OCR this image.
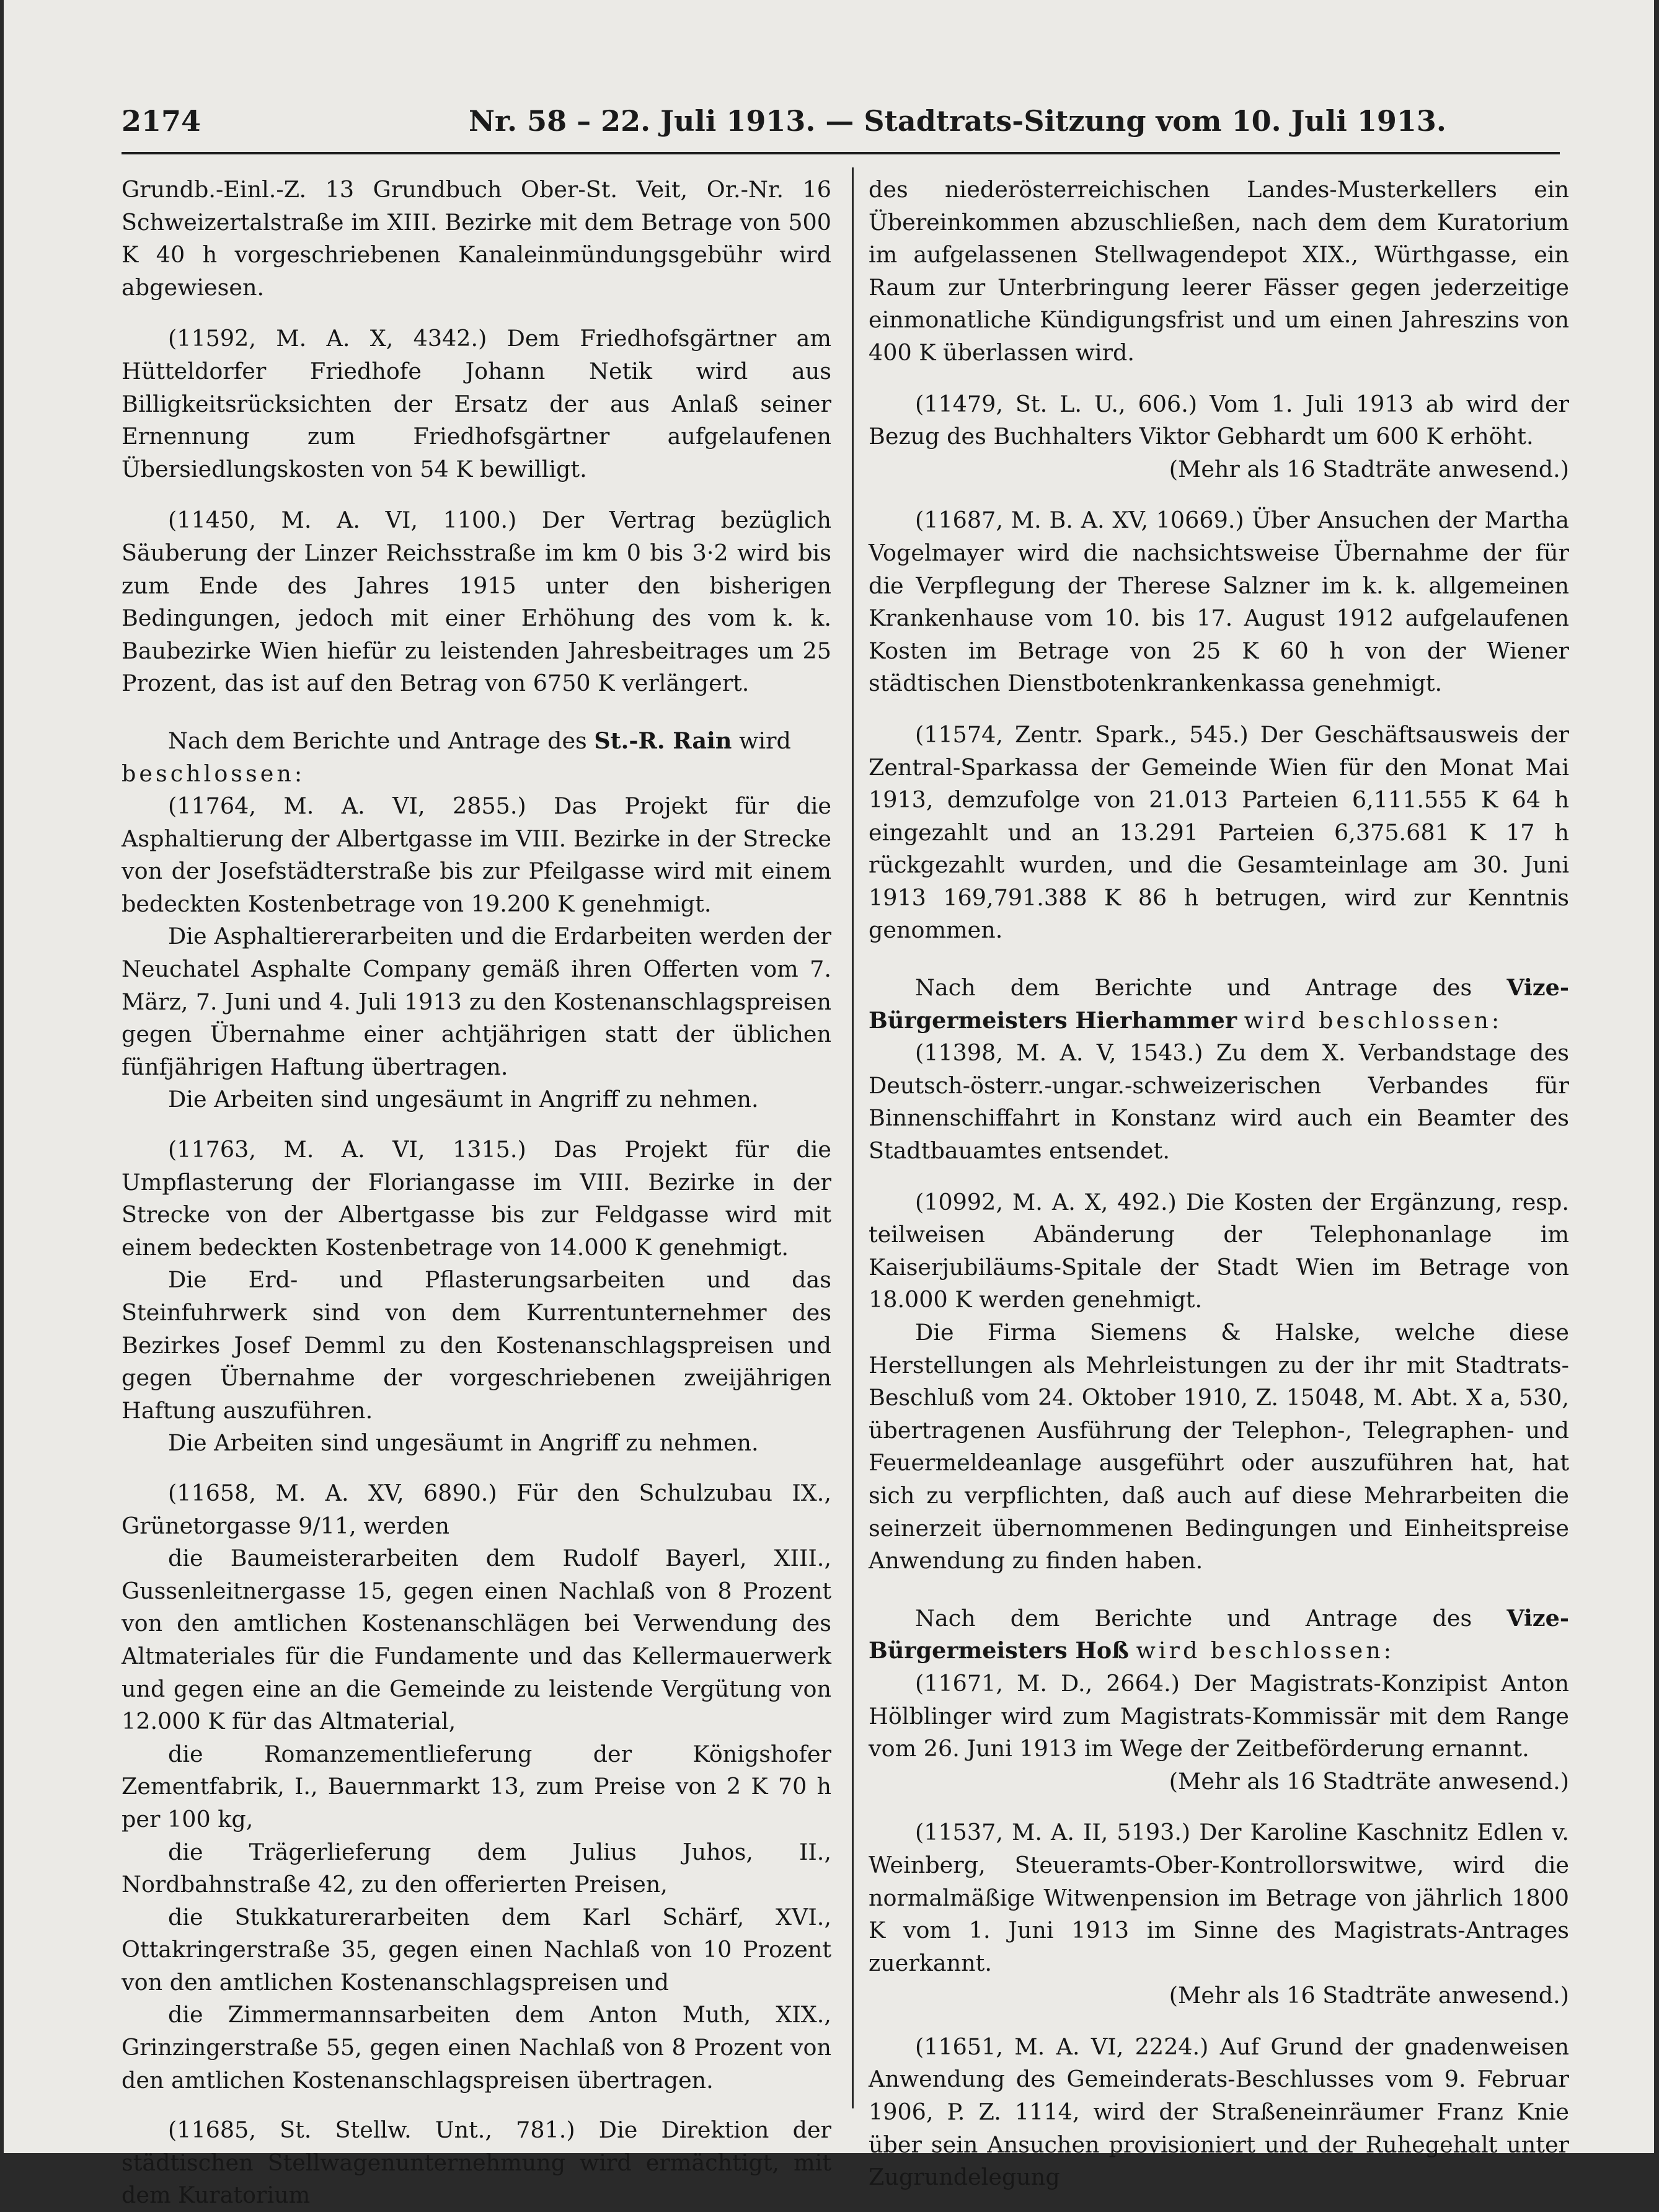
2174	Nr. 58 – 22. Juli 1913. — Stadtrats-Sitzung vom 10. Juli 1913.

Grundb.-Einl.-Z. 13 Grundbuch Ober-St. Veit, Or.-Nr. 16 Schweizertalstraße im XIII. Bezirke mit dem Betrage von 500 K 40 h vorgeschriebenen Kanaleinmündungsgebühr wird abgewiesen.

(11592, M. A. X, 4342.) Dem Friedhofsgärtner am Hütteldorfer Friedhofe Johann Netik wird aus Billigkeitsrücksichten der Ersatz der aus Anlaß seiner Ernennung zum Friedhofsgärtner aufgelaufenen Übersiedlungskosten von 54 K bewilligt.

(11450, M. A. VI, 1100.) Der Vertrag bezüglich Säuberung der Linzer Reichsstraße im km 0 bis 3·2 wird bis zum Ende des Jahres 1915 unter den bisherigen Bedingungen, jedoch mit einer Erhöhung des vom k. k. Baubezirke Wien hiefür zu leistenden Jahresbeitrages um 25 Prozent, das ist auf den Betrag von 6750 K verlängert.

Nach dem Berichte und Antrage des St.-R. Rain wird

beschlossen:

(11764, M. A. VI, 2855.) Das Projekt für die Asphaltierung der Albertgasse im VIII. Bezirke in der Strecke von der Josefstädterstraße bis zur Pfeilgasse wird mit einem bedeckten Kostenbetrage von 19.200 K genehmigt.

Die Asphaltiererarbeiten und die Erdarbeiten werden der Neuchatel Asphalte Company gemäß ihren Offerten vom 7. März, 7. Juni und 4. Juli 1913 zu den Kostenanschlagspreisen gegen Übernahme einer achtjährigen statt der üblichen fünfjährigen Haftung übertragen.

Die Arbeiten sind ungesäumt in Angriff zu nehmen.

(11763, M. A. VI, 1315.) Das Projekt für die Umpflasterung der Floriangasse im VIII. Bezirke in der Strecke von der Albertgasse bis zur Feldgasse wird mit einem bedeckten Kostenbetrage von 14.000 K genehmigt.

Die Erd- und Pflasterungsarbeiten und das Steinfuhrwerk sind von dem Kurrentunternehmer des Bezirkes Josef Demml zu den Kostenanschlagspreisen und gegen Übernahme der vorgeschriebenen zweijährigen Haftung auszuführen.

Die Arbeiten sind ungesäumt in Angriff zu nehmen.

(11658, M. A. XV, 6890.) Für den Schulzubau IX., Grünetorgasse 9/11, werden

die Baumeisterarbeiten dem Rudolf Bayerl, XIII., Gussenleitnergasse 15, gegen einen Nachlaß von 8 Prozent von den amtlichen Kostenanschlägen bei Verwendung des Altmateriales für die Fundamente und das Kellermauerwerk und gegen eine an die Gemeinde zu leistende Vergütung von 12.000 K für das Altmaterial,

die Romanzementlieferung der Königshofer Zementfabrik, I., Bauernmarkt 13, zum Preise von 2 K 70 h per 100 kg,

die Trägerlieferung dem Julius Juhos, II., Nordbahnstraße 42, zu den offerierten Preisen,

die Stukkaturerarbeiten dem Karl Schärf, XVI., Ottakringerstraße 35, gegen einen Nachlaß von 10 Prozent von den amtlichen Kostenanschlagspreisen und

die Zimmermannsarbeiten dem Anton Muth, XIX., Grinzingerstraße 55, gegen einen Nachlaß von 8 Prozent von den amtlichen Kostenanschlagspreisen übertragen.

(11685, St. Stellw. Unt., 781.) Die Direktion der städtischen Stellwagenunternehmung wird ermächtigt, mit dem Kuratorium

des niederösterreichischen Landes-Musterkellers ein Übereinkommen abzuschließen, nach dem dem Kuratorium im aufgelassenen Stellwagendepot XIX., Würthgasse, ein Raum zur Unterbringung leerer Fässer gegen jederzeitige einmonatliche Kündigungsfrist und um einen Jahreszins von 400 K überlassen wird.

(11479, St. L. U., 606.) Vom 1. Juli 1913 ab wird der Bezug des Buchhalters Viktor Gebhardt um 600 K erhöht.

(Mehr als 16 Stadträte anwesend.)

(11687, M. B. A. XV, 10669.) Über Ansuchen der Martha Vogelmayer wird die nachsichtsweise Übernahme der für die Verpflegung der Therese Salzner im k. k. allgemeinen Krankenhause vom 10. bis 17. August 1912 aufgelaufenen Kosten im Betrage von 25 K 60 h von der Wiener städtischen Dienstbotenkrankenkassa genehmigt.

(11574, Zentr. Spark., 545.) Der Geschäftsausweis der Zentral-Sparkassa der Gemeinde Wien für den Monat Mai 1913, demzufolge von 21.013 Parteien 6,111.555 K 64 h eingezahlt und an 13.291 Parteien 6,375.681 K 17 h rückgezahlt wurden, und die Gesamteinlage am 30. Juni 1913 169,791.388 K 86 h betrugen, wird zur Kenntnis genommen.

Nach dem Berichte und Antrage des Vize-Bürgermeisters Hierhammer wird beschlossen:

(11398, M. A. V, 1543.) Zu dem X. Verbandstage des Deutsch-österr.-ungar.-schweizerischen Verbandes für Binnenschiffahrt in Konstanz wird auch ein Beamter des Stadtbauamtes entsendet.

(10992, M. A. X, 492.) Die Kosten der Ergänzung, resp. teilweisen Abänderung der Telephonanlage im Kaiserjubiläums-Spitale der Stadt Wien im Betrage von 18.000 K werden genehmigt.

Die Firma Siemens & Halske, welche diese Herstellungen als Mehrleistungen zu der ihr mit Stadtrats-Beschluß vom 24. Oktober 1910, Z. 15048, M. Abt. X a, 530, übertragenen Ausführung der Telephon-, Telegraphen- und Feuermeldeanlage ausgeführt oder auszuführen hat, hat sich zu verpflichten, daß auch auf diese Mehrarbeiten die seinerzeit übernommenen Bedingungen und Einheitspreise Anwendung zu finden haben.

Nach dem Berichte und Antrage des Vize-Bürgermeisters Hoß wird beschlossen:

(11671, M. D., 2664.) Der Magistrats-Konzipist Anton Hölblinger wird zum Magistrats-Kommissär mit dem Range vom 26. Juni 1913 im Wege der Zeitbeförderung ernannt.

(Mehr als 16 Stadträte anwesend.)

(11537, M. A. II, 5193.) Der Karoline Kaschnitz Edlen v. Weinberg, Steueramts-Ober-Kontrollorswitwe, wird die normalmäßige Witwenpension im Betrage von jährlich 1800 K vom 1. Juni 1913 im Sinne des Magistrats-Antrages zuerkannt.

(Mehr als 16 Stadträte anwesend.)

(11651, M. A. VI, 2224.) Auf Grund der gnadenweisen Anwendung des Gemeinderats-Beschlusses vom 9. Februar 1906, P. Z. 1114, wird der Straßeneinräumer Franz Knie über sein Ansuchen provisioniert und der Ruhegehalt unter Zugrundelegung
